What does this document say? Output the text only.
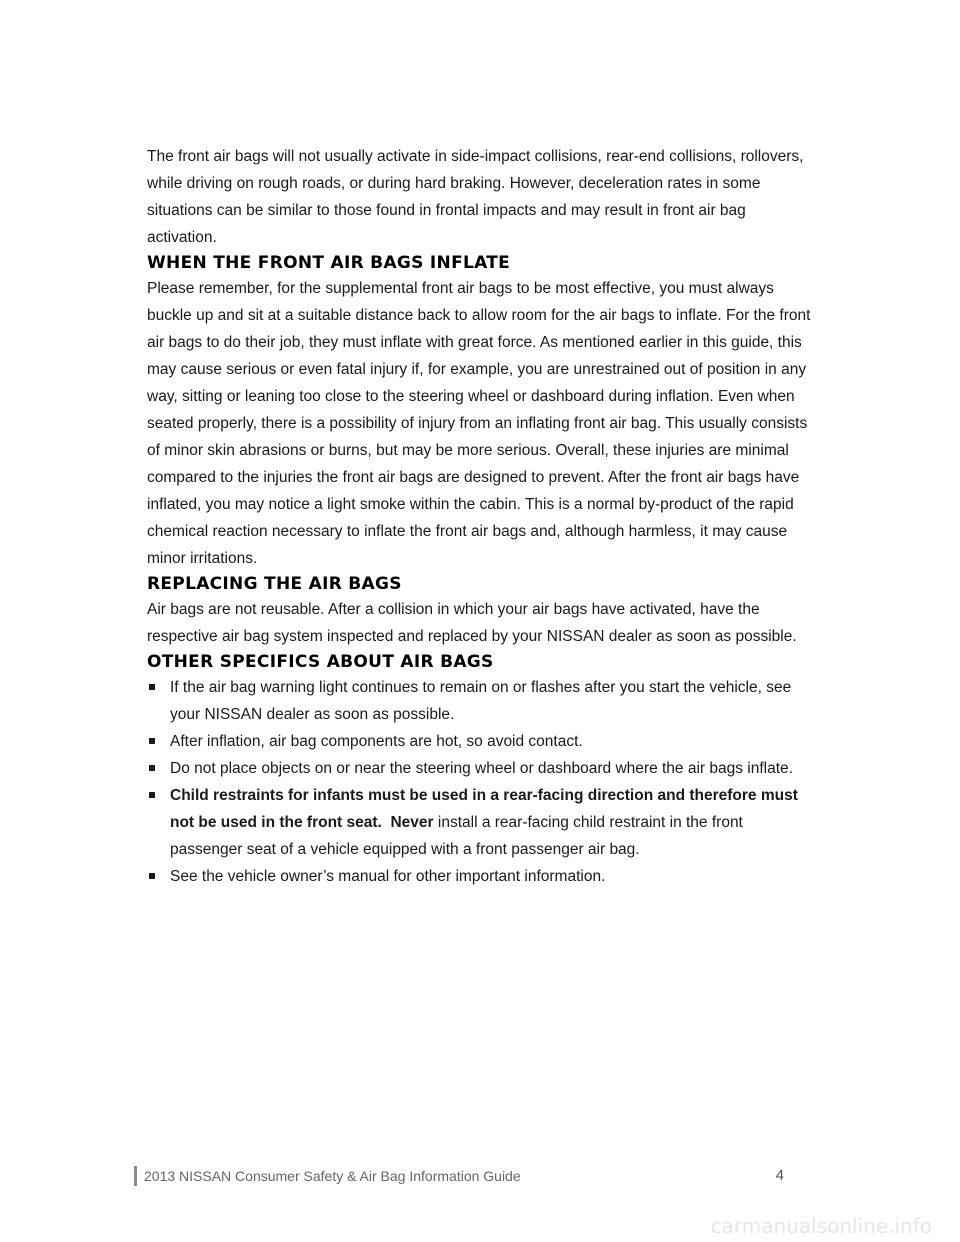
The front air bags will not usually activate in side-impact collisions, rear-end collisions, rollovers, while driving on rough roads, or during hard braking. However, deceleration rates in some situations can be similar to those found in frontal impacts and may result in front air bag activation.

WHEN THE FRONT AIR BAGS INFLATE

Please remember, for the supplemental front air bags to be most effective, you must always buckle up and sit at a suitable distance back to allow room for the air bags to inflate. For the front air bags to do their job, they must inflate with great force. As mentioned earlier in this guide, this may cause serious or even fatal injury if, for example, you are unrestrained out of position in any way, sitting or leaning too close to the steering wheel or dashboard during inflation. Even when seated properly, there is a possibility of injury from an inflating front air bag. This usually consists of minor skin abrasions or burns, but may be more serious. Overall, these injuries are minimal compared to the injuries the front air bags are designed to prevent. After the front air bags have inflated, you may notice a light smoke within the cabin. This is a normal by-product of the rapid chemical reaction necessary to inflate the front air bags and, although harmless, it may cause minor irritations.

REPLACING THE AIR BAGS

Air bags are not reusable. After a collision in which your air bags have activated, have the respective air bag system inspected and replaced by your NISSAN dealer as soon as possible.

OTHER SPECIFICS ABOUT AIR BAGS
If the air bag warning light continues to remain on or flashes after you start the vehicle, see your NISSAN dealer as soon as possible.
After inflation, air bag components are hot, so avoid contact.
Do not place objects on or near the steering wheel or dashboard where the air bags inflate.
Child restraints for infants must be used in a rear-facing direction and therefore must not be used in the front seat. Never install a rear-facing child restraint in the front passenger seat of a vehicle equipped with a front passenger air bag.
See the vehicle owner’s manual for other important information.
2013 NISSAN Consumer Safety & Air Bag Information Guide	4
carmanualsonline.info
